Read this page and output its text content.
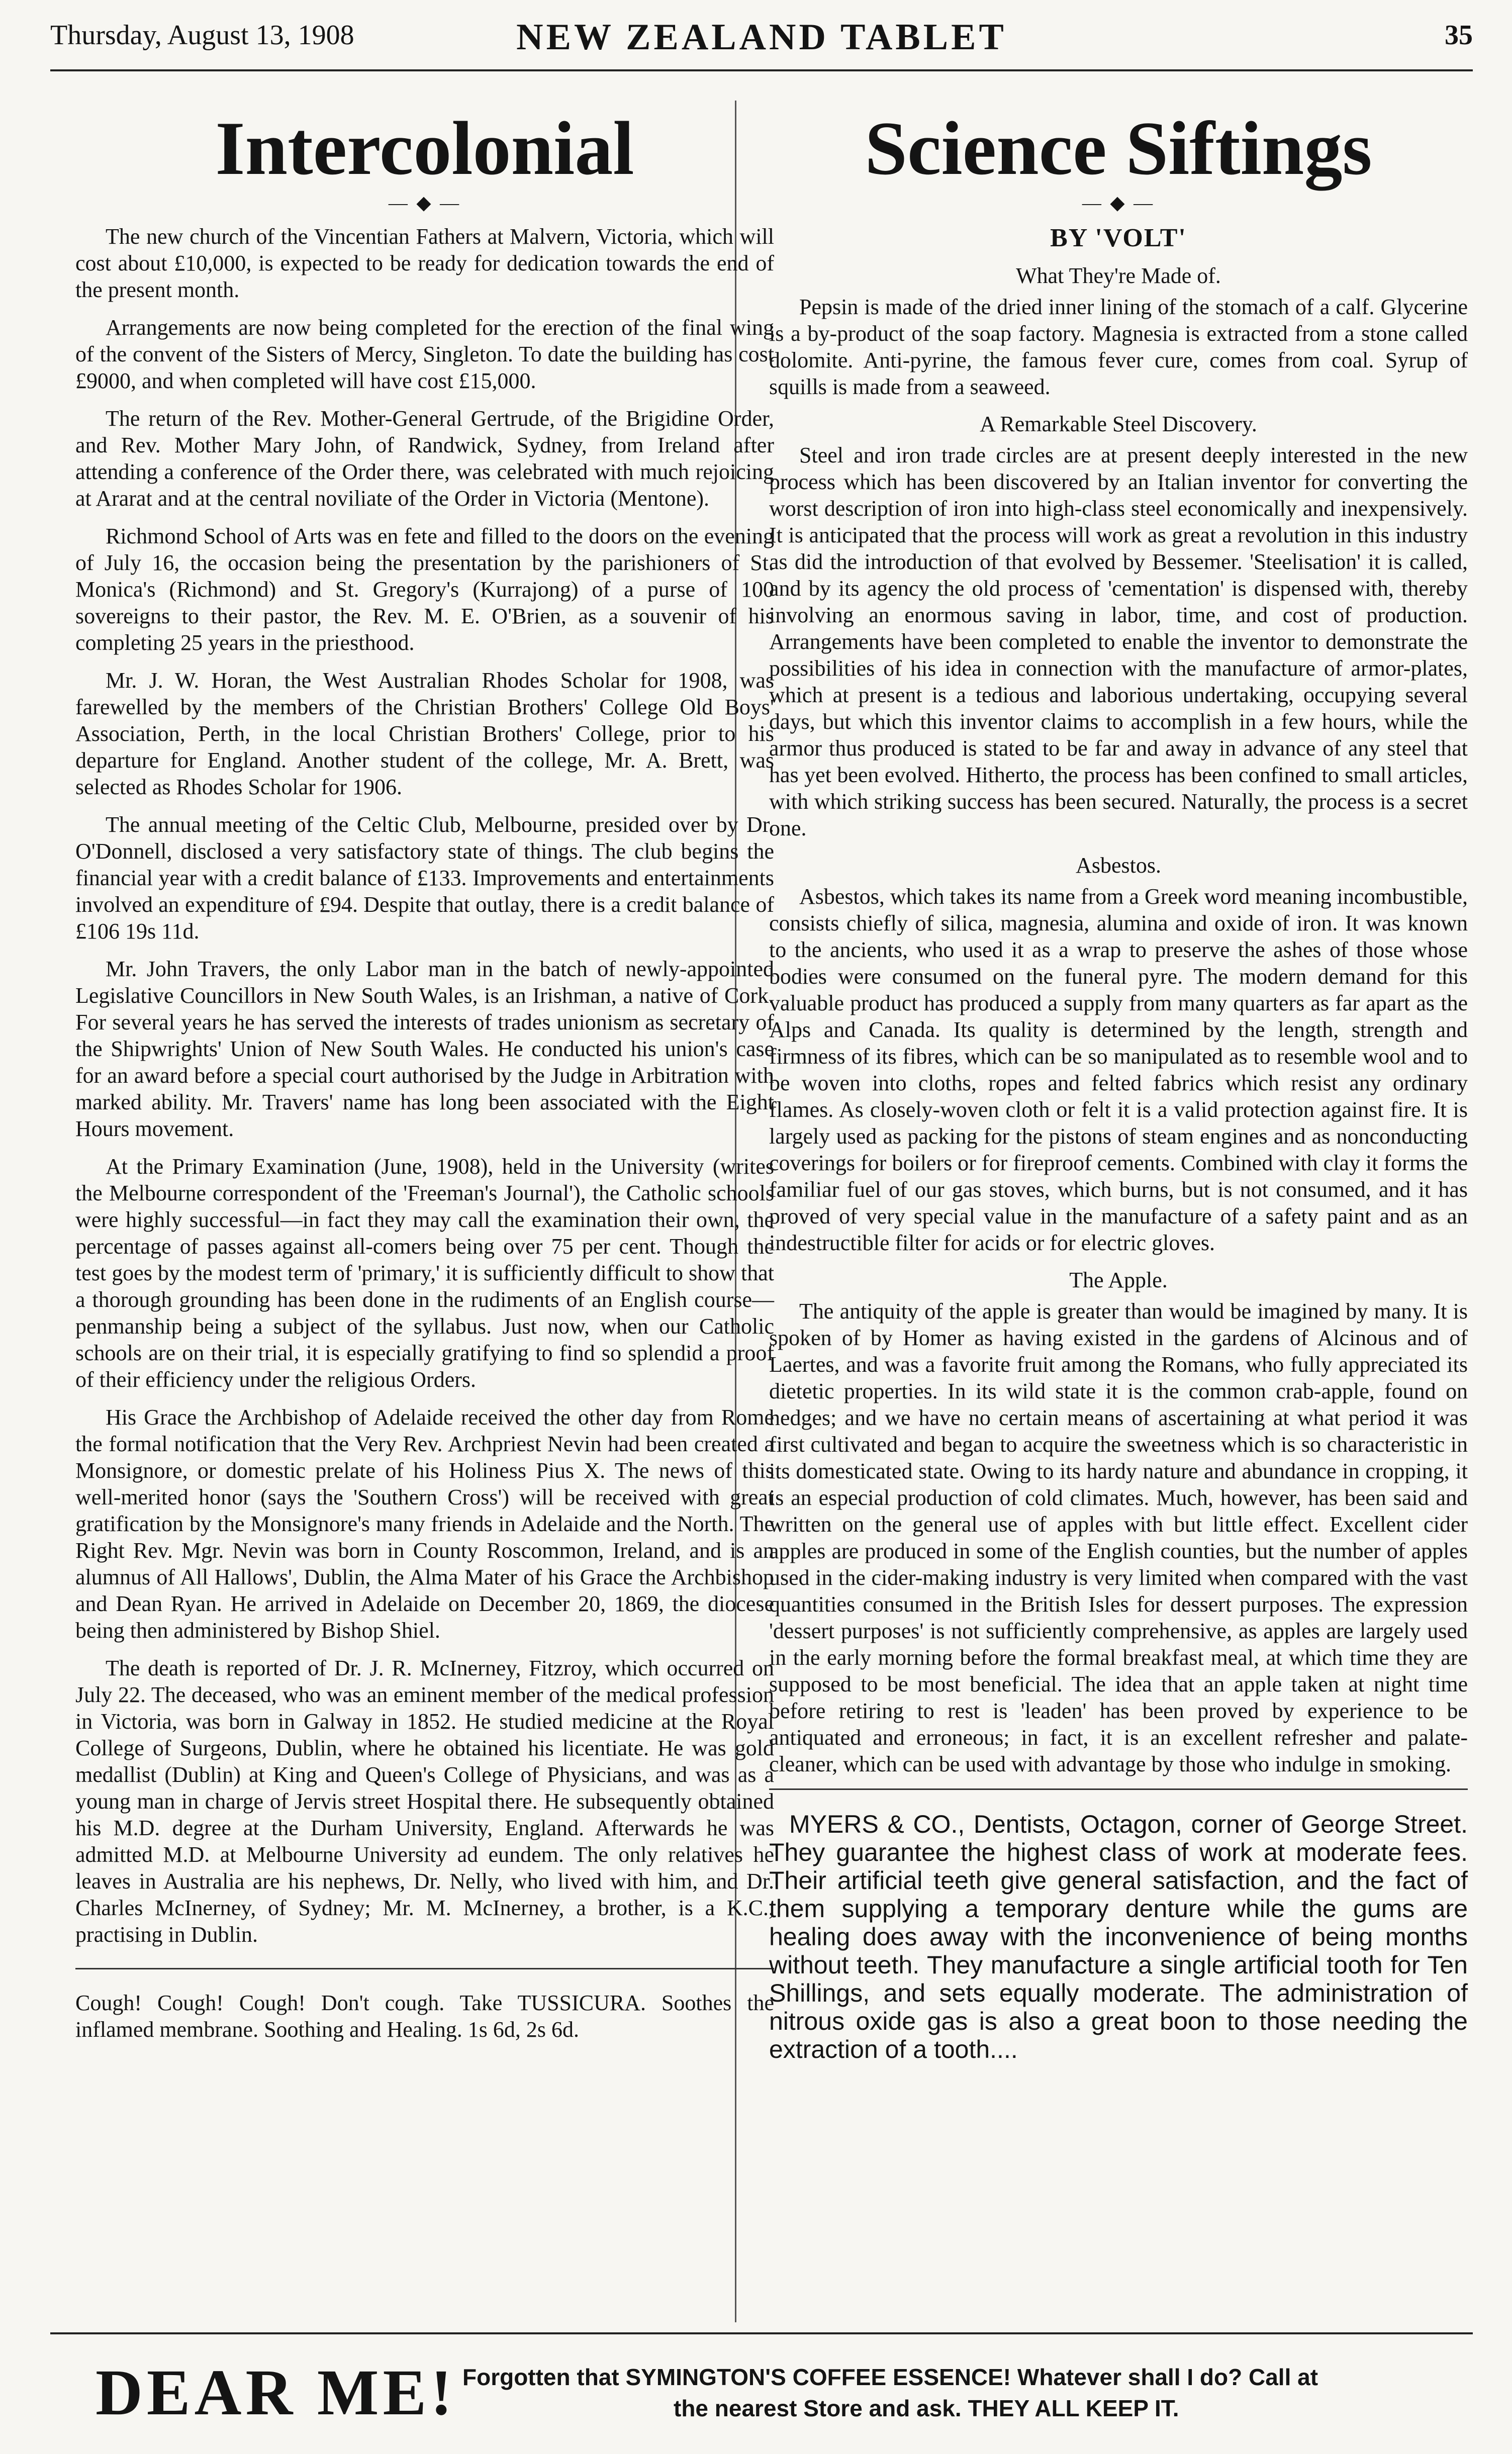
Thursday, August 13, 1908	NEW ZEALAND TABLET	35
Intercolonial
— ◆ —

The new church of the Vincentian Fathers at Malvern, Victoria, which will cost about £10,000, is expected to be ready for dedication towards the end of the present month.

Arrangements are now being completed for the erection of the final wing of the convent of the Sisters of Mercy, Singleton. To date the building has cost £9000, and when completed will have cost £15,000.

The return of the Rev. Mother-General Gertrude, of the Brigidine Order, and Rev. Mother Mary John, of Randwick, Sydney, from Ireland after attending a conference of the Order there, was celebrated with much rejoicing at Ararat and at the central noviliate of the Order in Victoria (Mentone).

Richmond School of Arts was en fete and filled to the doors on the evening of July 16, the occasion being the presentation by the parishioners of St. Monica's (Richmond) and St. Gregory's (Kurrajong) of a purse of 100 sovereigns to their pastor, the Rev. M. E. O'Brien, as a souvenir of his completing 25 years in the priesthood.

Mr. J. W. Horan, the West Australian Rhodes Scholar for 1908, was farewelled by the members of the Christian Brothers' College Old Boys' Association, Perth, in the local Christian Brothers' College, prior to his departure for England. Another student of the college, Mr. A. Brett, was selected as Rhodes Scholar for 1906.

The annual meeting of the Celtic Club, Melbourne, presided over by Dr. O'Donnell, disclosed a very satisfactory state of things. The club begins the financial year with a credit balance of £133. Improvements and entertainments involved an expenditure of £94. Despite that outlay, there is a credit balance of £106 19s 11d.

Mr. John Travers, the only Labor man in the batch of newly-appointed Legislative Councillors in New South Wales, is an Irishman, a native of Cork. For several years he has served the interests of trades unionism as secretary of the Shipwrights' Union of New South Wales. He conducted his union's case for an award before a special court authorised by the Judge in Arbitration with marked ability. Mr. Travers' name has long been associated with the Eight Hours movement.

At the Primary Examination (June, 1908), held in the University (writes the Melbourne correspondent of the 'Freeman's Journal'), the Catholic schools were highly successful—in fact they may call the examination their own, the percentage of passes against all-comers being over 75 per cent. Though the test goes by the modest term of 'primary,' it is sufficiently difficult to show that a thorough grounding has been done in the rudiments of an English course—penmanship being a subject of the syllabus. Just now, when our Catholic schools are on their trial, it is especially gratifying to find so splendid a proof of their efficiency under the religious Orders.

His Grace the Archbishop of Adelaide received the other day from Rome the formal notification that the Very Rev. Archpriest Nevin had been created a Monsignore, or domestic prelate of his Holiness Pius X. The news of this well-merited honor (says the 'Southern Cross') will be received with great gratification by the Monsignore's many friends in Adelaide and the North. The Right Rev. Mgr. Nevin was born in County Roscommon, Ireland, and is an alumnus of All Hallows', Dublin, the Alma Mater of his Grace the Archbishop and Dean Ryan. He arrived in Adelaide on December 20, 1869, the diocese being then administered by Bishop Shiel.

The death is reported of Dr. J. R. McInerney, Fitzroy, which occurred on July 22. The deceased, who was an eminent member of the medical profession in Victoria, was born in Galway in 1852. He studied medicine at the Royal College of Surgeons, Dublin, where he obtained his licentiate. He was gold medallist (Dublin) at King and Queen's College of Physicians, and was as a young man in charge of Jervis street Hospital there. He subsequently obtained his M.D. degree at the Durham University, England. Afterwards he was admitted M.D. at Melbourne University ad eundem. The only relatives he leaves in Australia are his nephews, Dr. Nelly, who lived with him, and Dr. Charles McInerney, of Sydney; Mr. M. McInerney, a brother, is a K.C., practising in Dublin.

Cough! Cough! Cough! Don't cough. Take TUSSICURA. Soothes the inflamed membrane. Soothing and Healing. 1s 6d, 2s 6d.

Science Siftings
— ◆ —
BY 'VOLT'
What They're Made of.

Pepsin is made of the dried inner lining of the stomach of a calf. Glycerine is a by-product of the soap factory. Magnesia is extracted from a stone called dolomite. Anti-pyrine, the famous fever cure, comes from coal. Syrup of squills is made from a seaweed.

A Remarkable Steel Discovery.

Steel and iron trade circles are at present deeply interested in the new process which has been discovered by an Italian inventor for converting the worst description of iron into high-class steel economically and inexpensively. It is anticipated that the process will work as great a revolution in this industry as did the introduction of that evolved by Bessemer. 'Steelisation' it is called, and by its agency the old process of 'cementation' is dispensed with, thereby involving an enormous saving in labor, time, and cost of production. Arrangements have been completed to enable the inventor to demonstrate the possibilities of his idea in connection with the manufacture of armor-plates, which at present is a tedious and laborious undertaking, occupying several days, but which this inventor claims to accomplish in a few hours, while the armor thus produced is stated to be far and away in advance of any steel that has yet been evolved. Hitherto, the process has been confined to small articles, with which striking success has been secured. Naturally, the process is a secret one.

Asbestos.

Asbestos, which takes its name from a Greek word meaning incombustible, consists chiefly of silica, magnesia, alumina and oxide of iron. It was known to the ancients, who used it as a wrap to preserve the ashes of those whose bodies were consumed on the funeral pyre. The modern demand for this valuable product has produced a supply from many quarters as far apart as the Alps and Canada. Its quality is determined by the length, strength and firmness of its fibres, which can be so manipulated as to resemble wool and to be woven into cloths, ropes and felted fabrics which resist any ordinary flames. As closely-woven cloth or felt it is a valid protection against fire. It is largely used as packing for the pistons of steam engines and as nonconducting coverings for boilers or for fireproof cements. Combined with clay it forms the familiar fuel of our gas stoves, which burns, but is not consumed, and it has proved of very special value in the manufacture of a safety paint and as an indestructible filter for acids or for electric gloves.

The Apple.

The antiquity of the apple is greater than would be imagined by many. It is spoken of by Homer as having existed in the gardens of Alcinous and of Laertes, and was a favorite fruit among the Romans, who fully appreciated its dietetic properties. In its wild state it is the common crab-apple, found on hedges; and we have no certain means of ascertaining at what period it was first cultivated and began to acquire the sweetness which is so characteristic in its domesticated state. Owing to its hardy nature and abundance in cropping, it is an especial production of cold climates. Much, however, has been said and written on the general use of apples with but little effect. Excellent cider apples are produced in some of the English counties, but the number of apples used in the cider-making industry is very limited when compared with the vast quantities consumed in the British Isles for dessert purposes. The expression 'dessert purposes' is not sufficiently comprehensive, as apples are largely used in the early morning before the formal breakfast meal, at which time they are supposed to be most beneficial. The idea that an apple taken at night time before retiring to rest is 'leaden' has been proved by experience to be antiquated and erroneous; in fact, it is an excellent refresher and palate-cleaner, which can be used with advantage by those who indulge in smoking.

MYERS & CO., Dentists, Octagon, corner of George Street. They guarantee the highest class of work at moderate fees. Their artificial teeth give general satisfaction, and the fact of them supplying a temporary denture while the gums are healing does away with the inconvenience of being months without teeth. They manufacture a single artificial tooth for Ten Shillings, and sets equally moderate. The administration of nitrous oxide gas is also a great boon to those needing the extraction of a tooth....

DEAR ME! Forgotten that SYMINGTON'S COFFEE ESSENCE! Whatever shall I do? Call at
the nearest Store and ask. THEY ALL KEEP IT.
